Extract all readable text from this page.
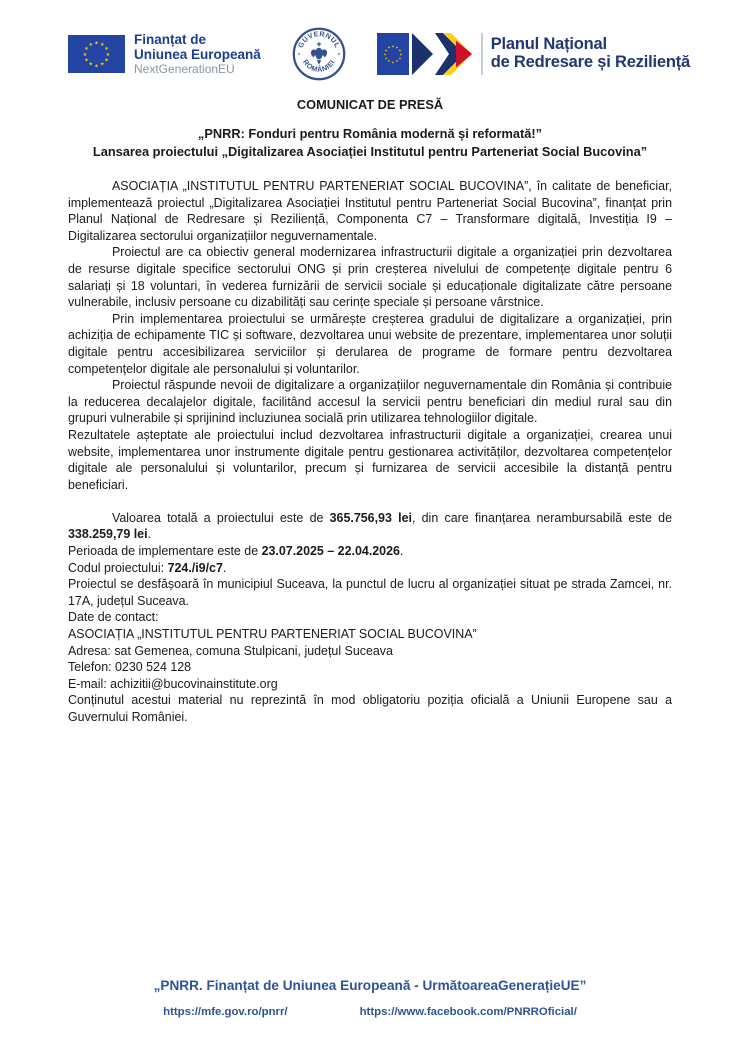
★ ★
★
★
★
★
★
★
★
★
★
★	Finanțat de
Uniunea Europeană
NextGenerationEU
GUVERNUL
ROMÂNIEI
★ ★
★
★
★
★
★
★
★
★
★
★	Planul Național
de Redresare și Reziliență
COMUNICAT DE PRESĂ
„PNRR: Fonduri pentru România modernă și reformată!”
Lansarea proiectului „Digitalizarea Asociației Institutul pentru Parteneriat Social Bucovina”

ASOCIAȚIA „INSTITUTUL PENTRU PARTENERIAT SOCIAL BUCOVINA”, în calitate de beneficiar, implementează proiectul „Digitalizarea Asociației Institutul pentru Parteneriat Social Bucovina”, finanțat prin Planul Național de Redresare și Reziliență, Componenta C7 – Transformare digitală, Investiția I9 – Digitalizarea sectorului organizațiilor neguvernamentale.

Proiectul are ca obiectiv general modernizarea infrastructurii digitale a organizației prin dezvoltarea de resurse digitale specifice sectorului ONG și prin creșterea nivelului de competențe digitale pentru 6 salariați și 18 voluntari, în vederea furnizării de servicii sociale și educaționale digitalizate către persoane vulnerabile, inclusiv persoane cu dizabilități sau cerințe speciale și persoane vârstnice.

Prin implementarea proiectului se urmărește creșterea gradului de digitalizare a organizației, prin achiziția de echipamente TIC și software, dezvoltarea unui website de prezentare, implementarea unor soluții digitale pentru accesibilizarea serviciilor și derularea de programe de formare pentru dezvoltarea competențelor digitale ale personalului și voluntarilor.

Proiectul răspunde nevoii de digitalizare a organizațiilor neguvernamentale din România și contribuie la reducerea decalajelor digitale, facilitând accesul la servicii pentru beneficiari din mediul rural sau din grupuri vulnerabile și sprijinind incluziunea socială prin utilizarea tehnologiilor digitale.

Rezultatele așteptate ale proiectului includ dezvoltarea infrastructurii digitale a organizației, crearea unui website, implementarea unor instrumente digitale pentru gestionarea activităților, dezvoltarea competențelor digitale ale personalului și voluntarilor, precum și furnizarea de servicii accesibile la distanță pentru beneficiari.

Valoarea totală a proiectului este de 365.756,93 lei, din care finanțarea nerambursabilă este de 338.259,79 lei.

Perioada de implementare este de 23.07.2025 – 22.04.2026.

Codul proiectului: 724./i9/c7.

Proiectul se desfășoară în municipiul Suceava, la punctul de lucru al organizației situat pe strada Zamcei, nr. 17A, județul Suceava.

Date de contact:

ASOCIAȚIA „INSTITUTUL PENTRU PARTENERIAT SOCIAL BUCOVINA”

Adresa: sat Gemenea, comuna Stulpicani, județul Suceava

Telefon: 0230 524 128

E-mail: achizitii@bucovinainstitute.org

Conținutul acestui material nu reprezintă în mod obligatoriu poziția oficială a Uniunii Europene sau a Guvernului României.

„PNRR. Finanțat de Uniunea Europeană - UrmătoareaGenerațieUE”
https://mfe.gov.ro/pnrr/	https://www.facebook.com/PNRROficial/
